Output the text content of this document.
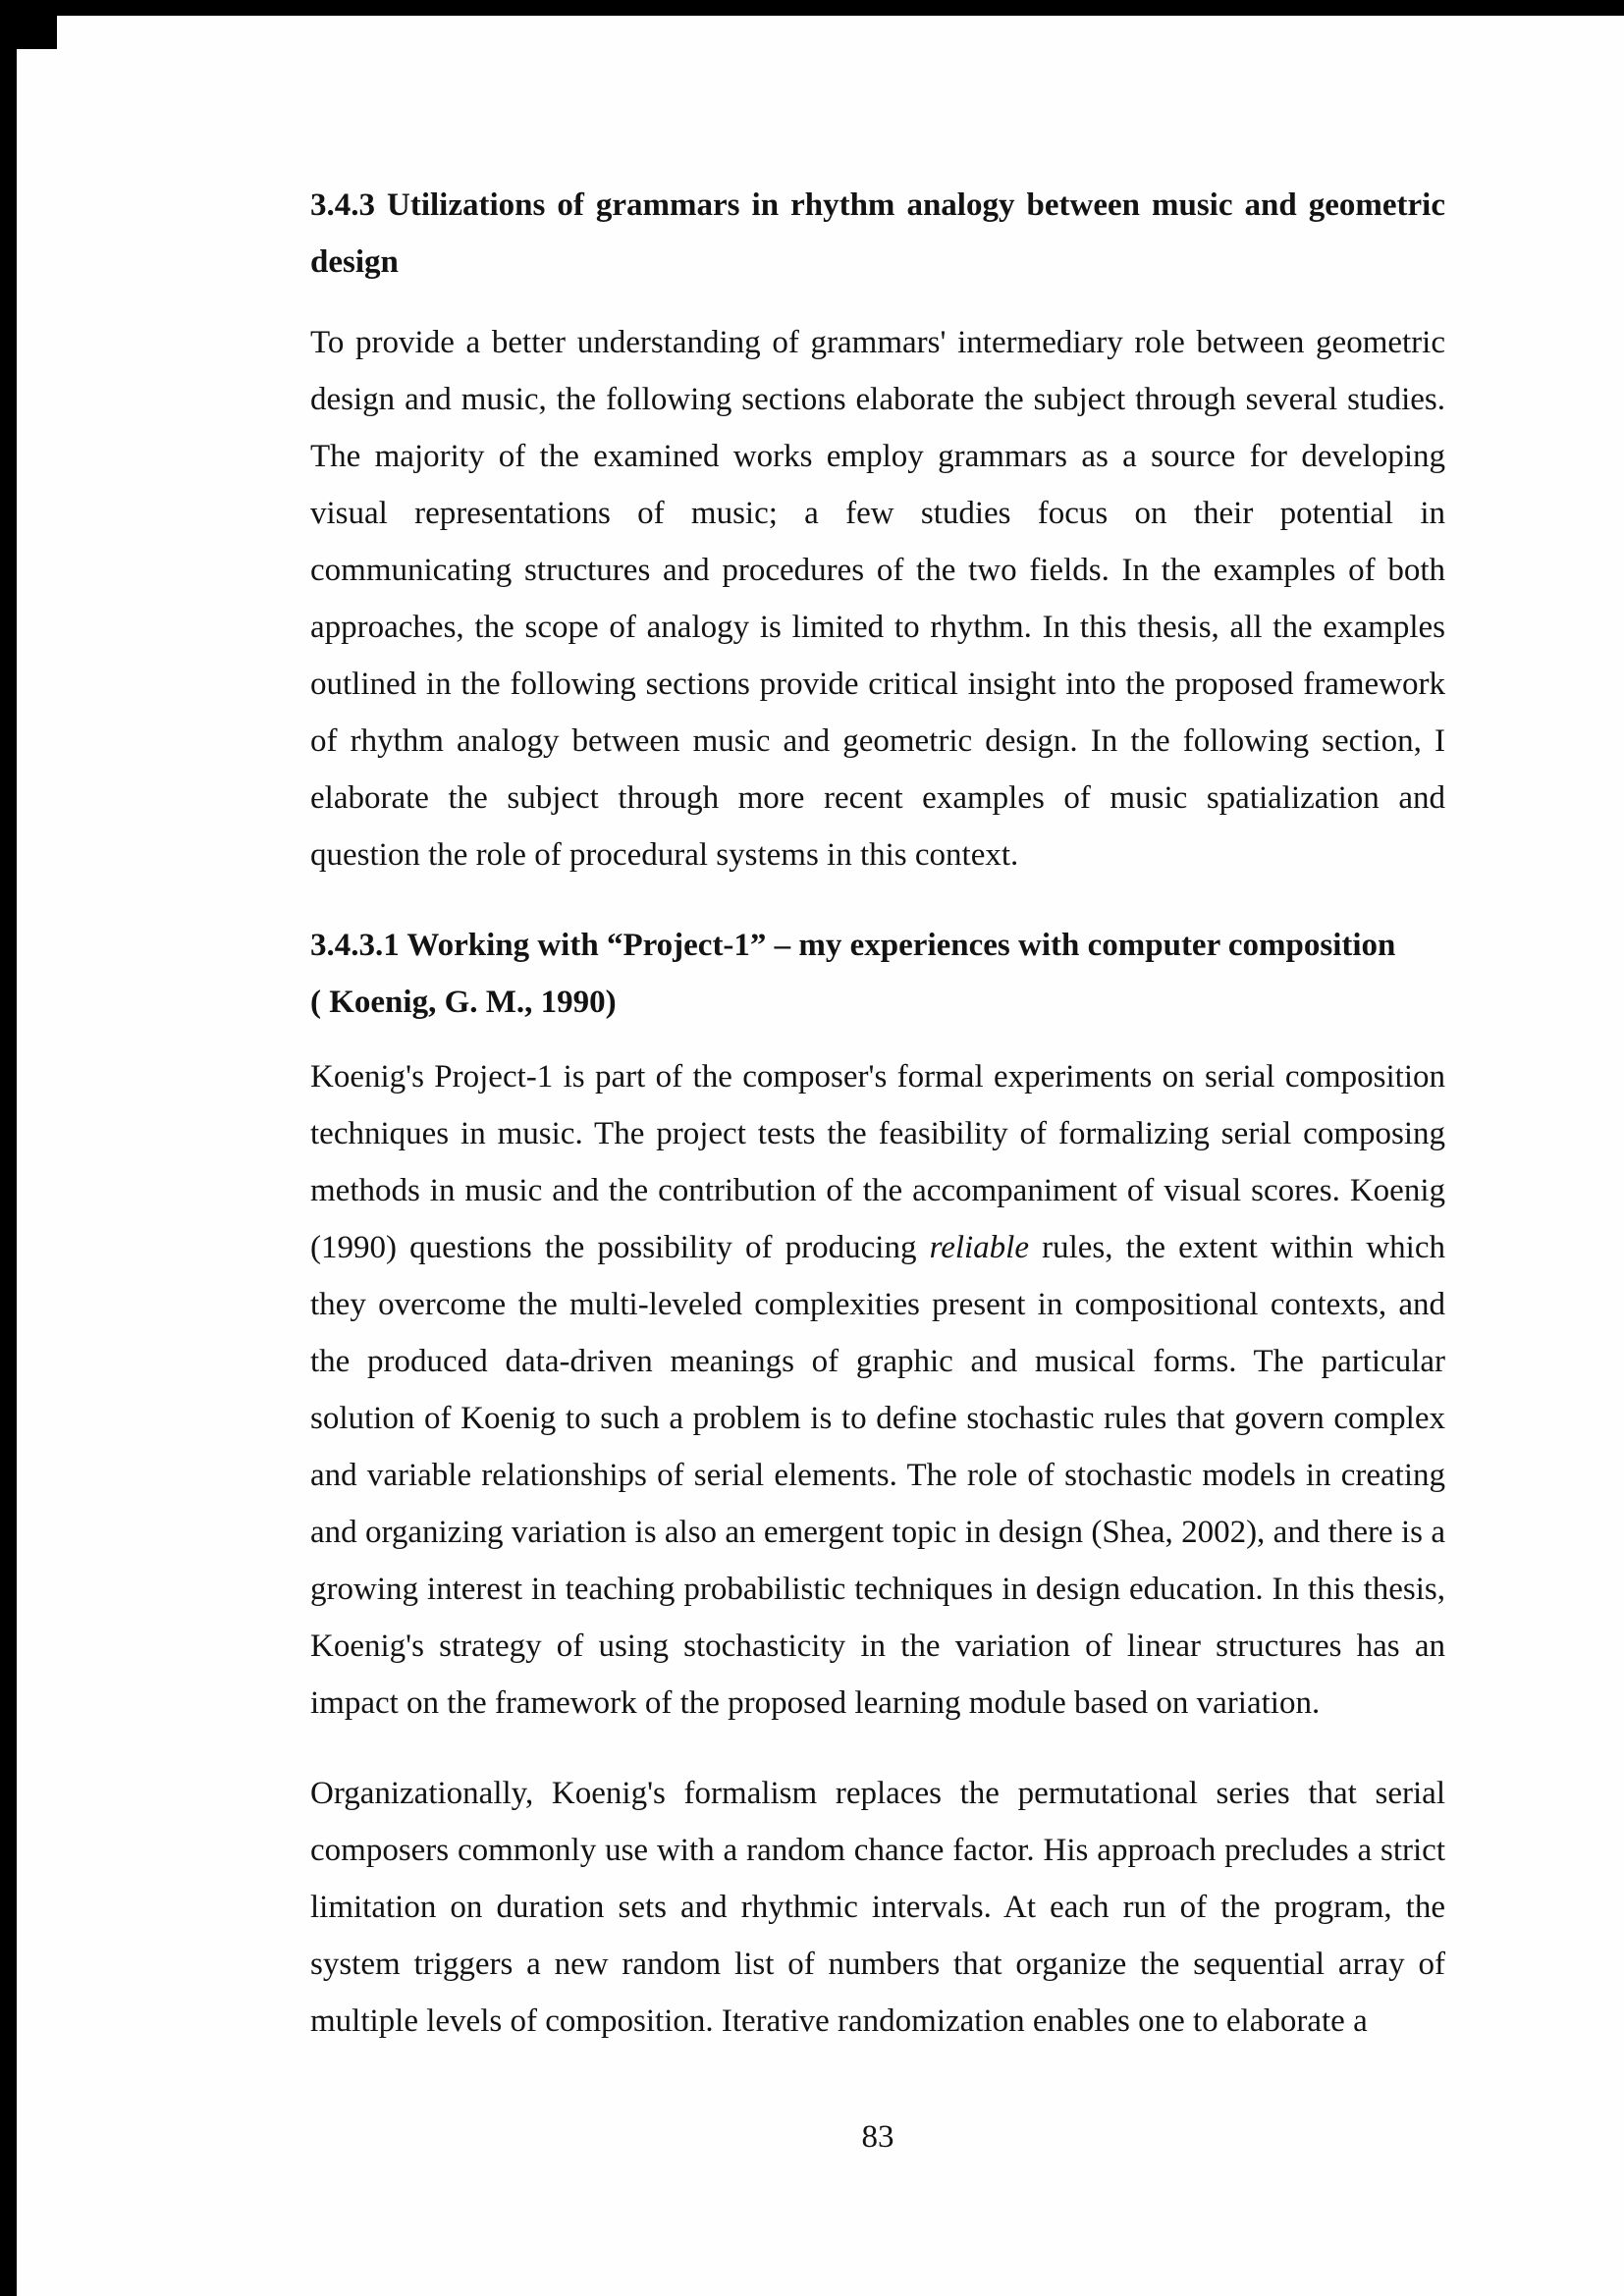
3.4.3 Utilizations of grammars in rhythm analogy between music and geometric design

To provide a better understanding of grammars' intermediary role between geometric design and music, the following sections elaborate the subject through several studies. The majority of the examined works employ grammars as a source for developing visual representations of music; a few studies focus on their potential in communicating structures and procedures of the two fields. In the examples of both approaches, the scope of analogy is limited to rhythm. In this thesis, all the examples outlined in the following sections provide critical insight into the proposed framework of rhythm analogy between music and geometric design. In the following section, I elaborate the subject through more recent examples of music spatialization and question the role of procedural systems in this context.

3.4.3.1 Working with “Project-1” – my experiences with computer composition
( Koenig, G. M., 1990)

Koenig's Project-1 is part of the composer's formal experiments on serial composition techniques in music. The project tests the feasibility of formalizing serial composing methods in music and the contribution of the accompaniment of visual scores. Koenig (1990) questions the possibility of producing reliable rules, the extent within which they overcome the multi-leveled complexities present in compositional contexts, and the produced data-driven meanings of graphic and musical forms. The particular solution of Koenig to such a problem is to define stochastic rules that govern complex and variable relationships of serial elements. The role of stochastic models in creating and organizing variation is also an emergent topic in design (Shea, 2002), and there is a growing interest in teaching probabilistic techniques in design education. In this thesis, Koenig's strategy of using stochasticity in the variation of linear structures has an impact on the framework of the proposed learning module based on variation.

Organizationally, Koenig's formalism replaces the permutational series that serial composers commonly use with a random chance factor. His approach precludes a strict limitation on duration sets and rhythmic intervals. At each run of the program, the system triggers a new random list of numbers that organize the sequential array of multiple levels of composition. Iterative randomization enables one to elaborate a

83
